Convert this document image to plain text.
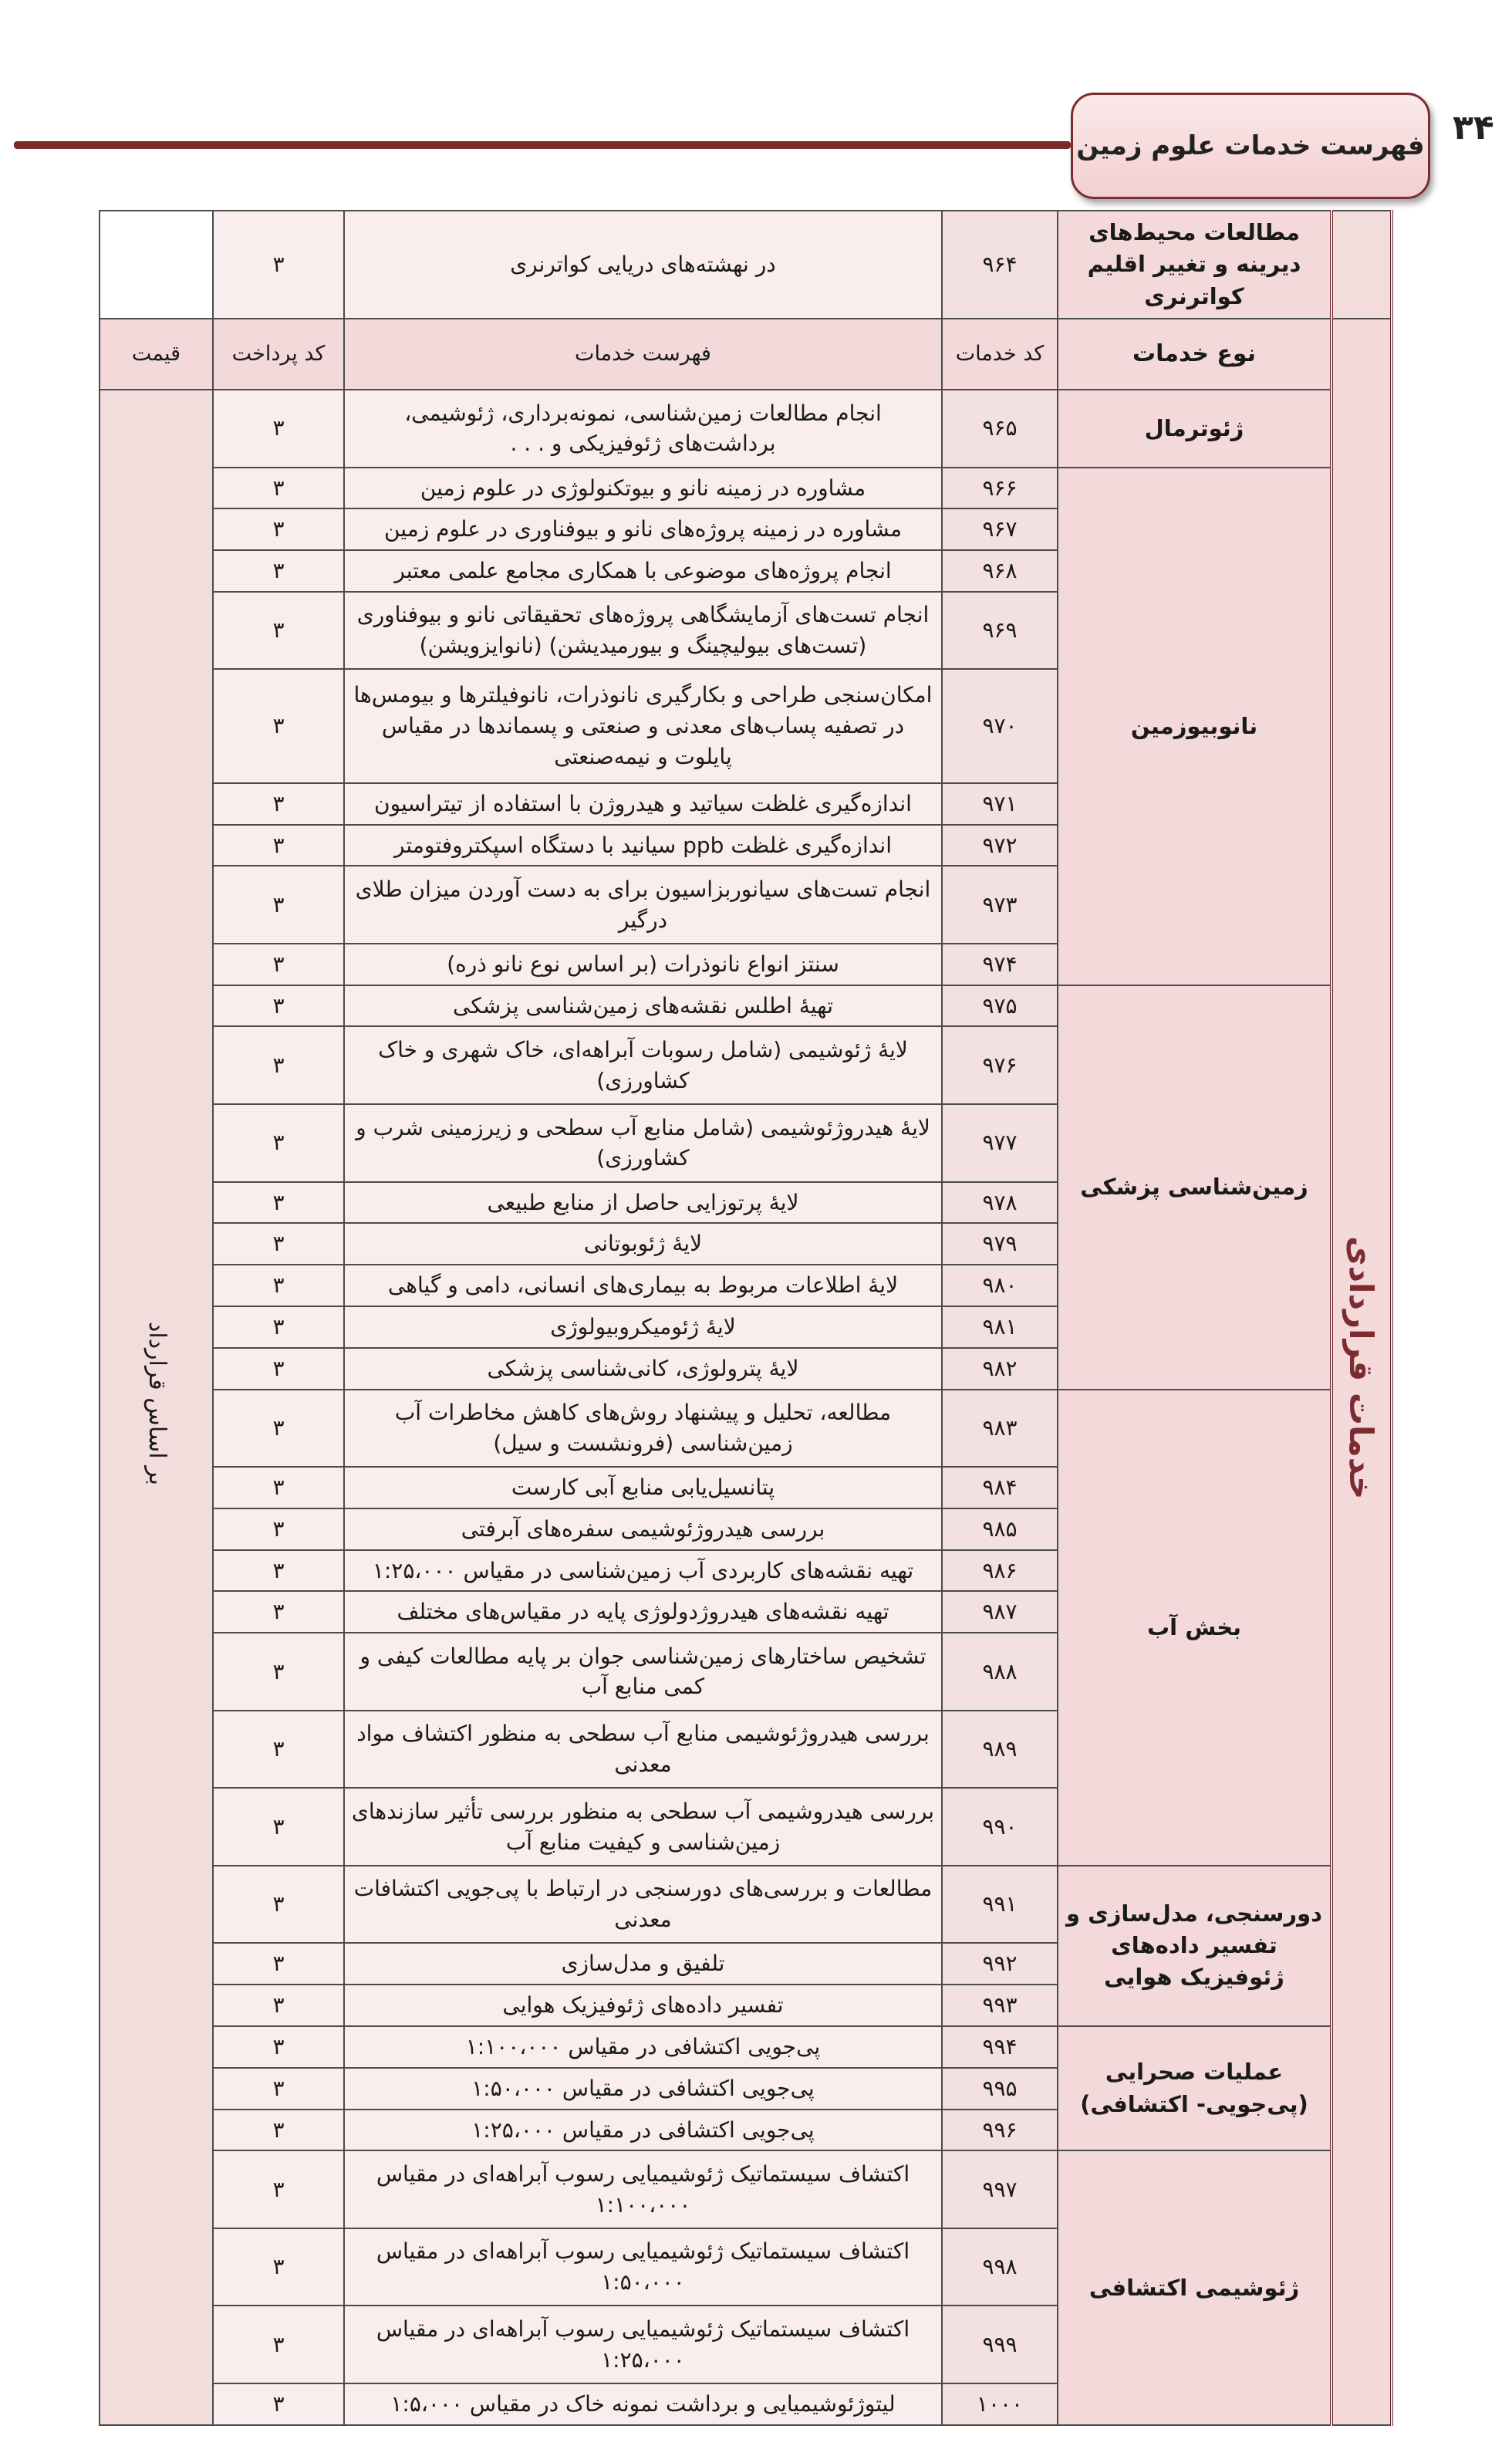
فهرست خدمات علوم زمین ۳۴
	مطالعات محیط‌های دیرینه و تغییر اقلیم کواترنری	۹۶۴	در نهشته‌های دریایی کواترنری	۳	
خدمات قراردادی	نوع خدمات	کد خدمات	فهرست خدمات	کد پرداخت	قیمت
	ژئوترمال	۹۶۵	انجام مطالعات زمین‌شناسی، نمونه‌برداری، ژئوشیمی، برداشت‌های ژئوفیزیکی و . . .	۳	بر اساس قرارداد
	نانوبیوزمین	۹۶۶	مشاوره در زمینه نانو و بیوتکنولوژی در علوم زمین	۳	
		۹۶۷	مشاوره در زمینه پروژه‌های نانو و بیوفناوری در علوم زمین	۳	
		۹۶۸	انجام پروژه‌های موضوعی با همکاری مجامع علمی معتبر	۳	
		۹۶۹	انجام تست‌های آزمایشگاهی پروژه‌های تحقیقاتی نانو و بیوفناوری (تست‌های بیولیچینگ و بیورمیدیشن) (نانوایزویشن)	۳	
		۹۷۰	امکان‌سنجی طراحی و بکارگیری نانوذرات، نانوفیلترها و بیومس‌ها در تصفیه پساب‌های معدنی و صنعتی و پسماندها در مقیاس پایلوت و نیمه‌صنعتی	۳	
		۹۷۱	اندازه‌گیری غلظت سیاتید و هیدروژن با استفاده از تیتراسیون	۳	
		۹۷۲	اندازه‌گیری غلظت ppb سیانید با دستگاه اسپکتروفتومتر	۳	
		۹۷۳	انجام تست‌های سیانوربزاسیون برای به دست آوردن میزان طلای درگیر	۳	
		۹۷۴	سنتز انواع نانوذرات (بر اساس نوع نانو ذره)	۳	
	زمین‌شناسی پزشکی	۹۷۵	تهیهٔ اطلس نقشه‌های زمین‌شناسی پزشکی	۳	
		۹۷۶	لایهٔ ژئوشیمی (شامل رسوبات آبراهه‌ای، خاک شهری و خاک کشاورزی)	۳	
		۹۷۷	لایهٔ هیدروژئوشیمی (شامل منابع آب سطحی و زیرزمینی شرب و کشاورزی)	۳	
		۹۷۸	لایهٔ پرتوزایی حاصل از منابع طبیعی	۳	
		۹۷۹	لایهٔ ژئوبوتانی	۳	
		۹۸۰	لایهٔ اطلاعات مربوط به بیماری‌های انسانی، دامی و گیاهی	۳	
		۹۸۱	لایهٔ ژئومیکروبیولوژی	۳	
		۹۸۲	لایهٔ پترولوژی، کانی‌شناسی پزشکی	۳	
	بخش آب	۹۸۳	مطالعه، تحلیل و پیشنهاد روش‌های کاهش مخاطرات آب زمین‌شناسی (فرونشست و سیل)	۳	
		۹۸۴	پتانسیل‌یابی منابع آبی کارست	۳	
		۹۸۵	بررسی هیدروژئوشیمی سفره‌های آبرفتی	۳	
		۹۸۶	تهیه نقشه‌های کاربردی آب زمین‌شناسی در مقیاس ۱:۲۵،۰۰۰	۳	
		۹۸۷	تهیه نقشه‌های هیدروژدولوژی پایه در مقیاس‌های مختلف	۳	
		۹۸۸	تشخیص ساختارهای زمین‌شناسی جوان بر پایه مطالعات کیفی و کمی منابع آب	۳	
		۹۸۹	بررسی هیدروژئوشیمی منابع آب سطحی به منظور اکتشاف مواد معدنی	۳	
		۹۹۰	بررسی هیدروشیمی آب سطحی به منظور بررسی تأثیر سازندهای زمین‌شناسی و کیفیت منابع آب	۳	
	دورسنجی، مدل‌سازی و تفسیر داده‌های ژئوفیزیک هوایی	۹۹۱	مطالعات و بررسی‌های دورسنجی در ارتباط با پی‌جویی اکتشافات معدنی	۳	
		۹۹۲	تلفیق و مدل‌سازی	۳	
		۹۹۳	تفسیر داده‌های ژئوفیزیک هوایی	۳	
	عملیات صحرایی (پی‌جویی- اکتشافی)	۹۹۴	پی‌جویی اکتشافی در مقیاس ۱:۱۰۰،۰۰۰	۳	
		۹۹۵	پی‌جویی اکتشافی در مقیاس ۱:۵۰،۰۰۰	۳	
		۹۹۶	پی‌جویی اکتشافی در مقیاس ۱:۲۵،۰۰۰	۳	
	ژئوشیمی اکتشافی	۹۹۷	اکتشاف سیستماتیک ژئوشیمیایی رسوب آبراهه‌ای در مقیاس ۱:۱۰۰،۰۰۰	۳	
		۹۹۸	اکتشاف سیستماتیک ژئوشیمیایی رسوب آبراهه‌ای در مقیاس ۱:۵۰،۰۰۰	۳	
		۹۹۹	اکتشاف سیستماتیک ژئوشیمیایی رسوب آبراهه‌ای در مقیاس ۱:۲۵،۰۰۰	۳	
		۱۰۰۰	لیتوژئوشیمیایی و برداشت نمونه خاک در مقیاس ۱:۵،۰۰۰	۳	
